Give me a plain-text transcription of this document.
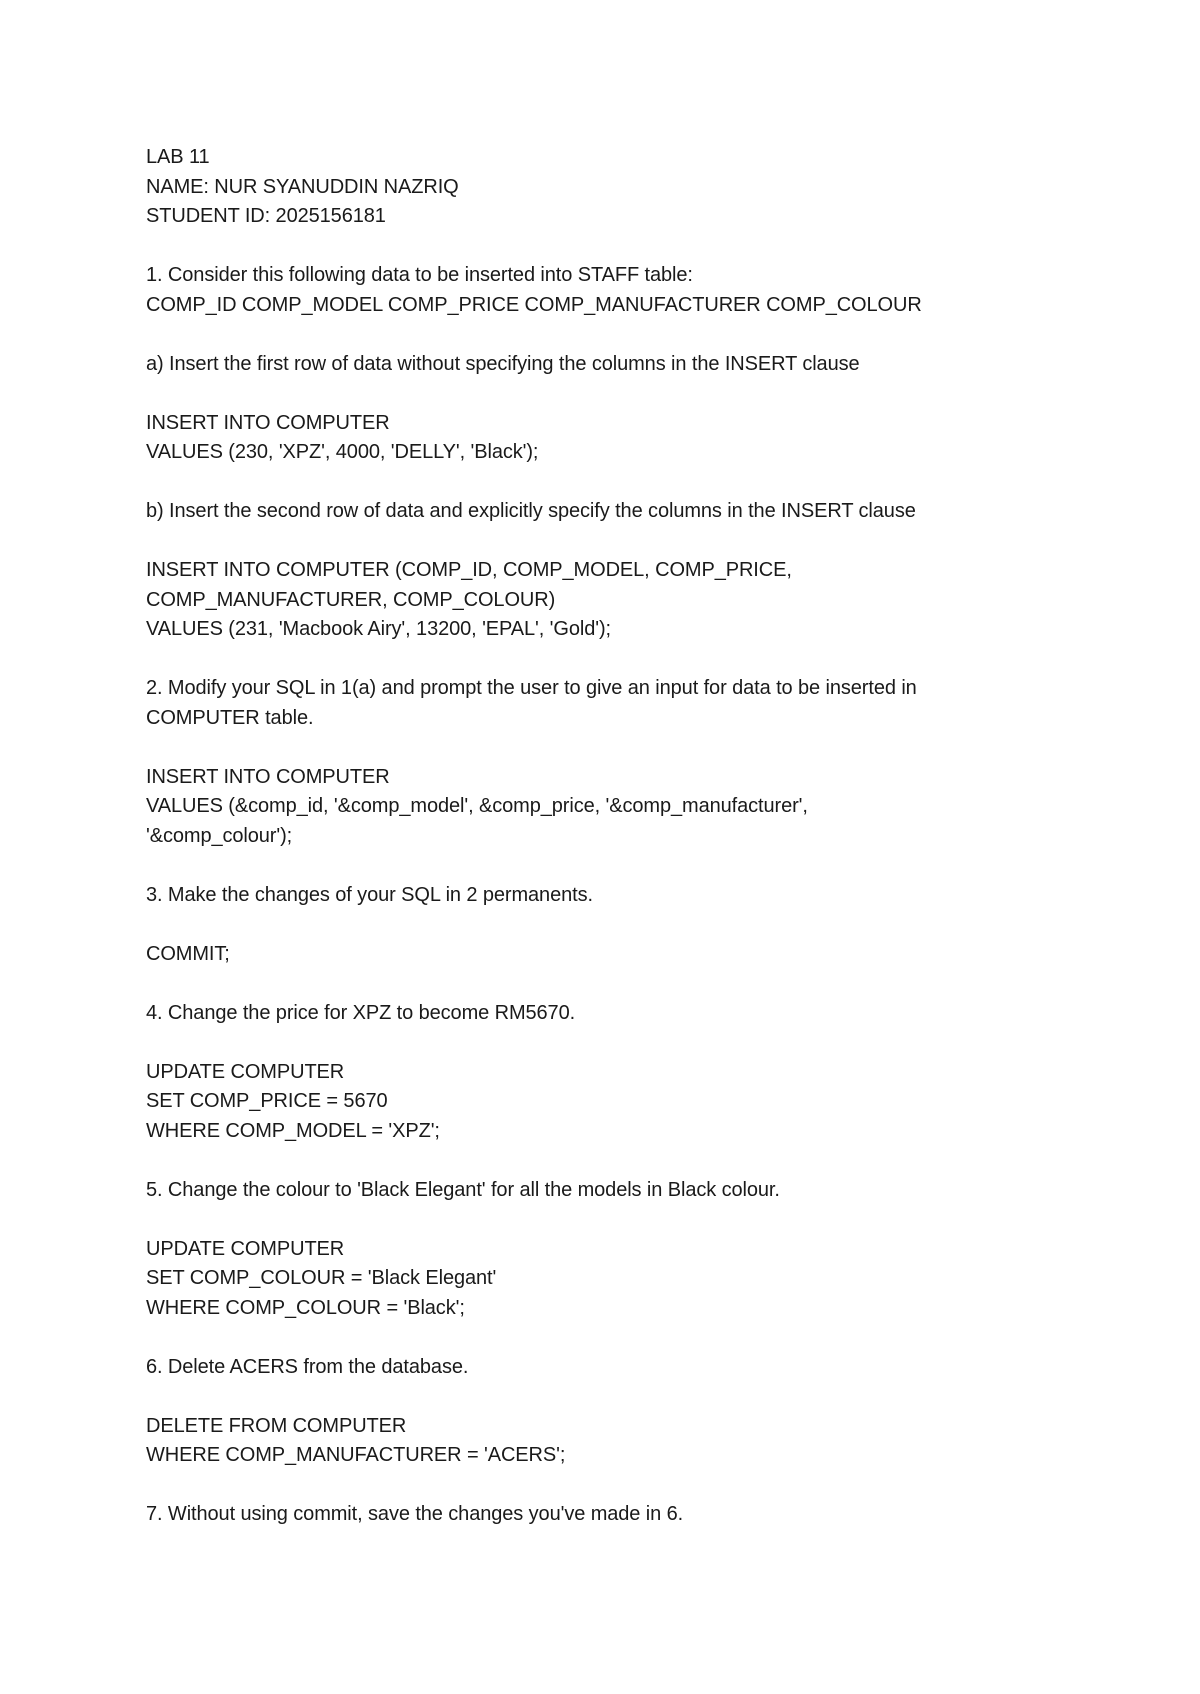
LAB 11
NAME: NUR SYANUDDIN NAZRIQ
STUDENT ID: 2025156181
1. Consider this following data to be inserted into STAFF table:
COMP_ID COMP_MODEL COMP_PRICE COMP_MANUFACTURER COMP_COLOUR
a) Insert the first row of data without specifying the columns in the INSERT clause
INSERT INTO COMPUTER
VALUES (230, 'XPZ', 4000, 'DELLY', 'Black');
b) Insert the second row of data and explicitly specify the columns in the INSERT clause
INSERT INTO COMPUTER (COMP_ID, COMP_MODEL, COMP_PRICE,
COMP_MANUFACTURER, COMP_COLOUR)
VALUES (231, 'Macbook Airy', 13200, 'EPAL', 'Gold');
2. Modify your SQL in 1(a) and prompt the user to give an input for data to be inserted in
COMPUTER table.
INSERT INTO COMPUTER
VALUES (&comp_id, '&comp_model', &comp_price, '&comp_manufacturer',
'&comp_colour');
3. Make the changes of your SQL in 2 permanents.
COMMIT;
4. Change the price for XPZ to become RM5670.
UPDATE COMPUTER
SET COMP_PRICE = 5670
WHERE COMP_MODEL = 'XPZ';
5. Change the colour to 'Black Elegant' for all the models in Black colour.
UPDATE COMPUTER
SET COMP_COLOUR = 'Black Elegant'
WHERE COMP_COLOUR = 'Black';
6. Delete ACERS from the database.
DELETE FROM COMPUTER
WHERE COMP_MANUFACTURER = 'ACERS';
7. Without using commit, save the changes you've made in 6.
